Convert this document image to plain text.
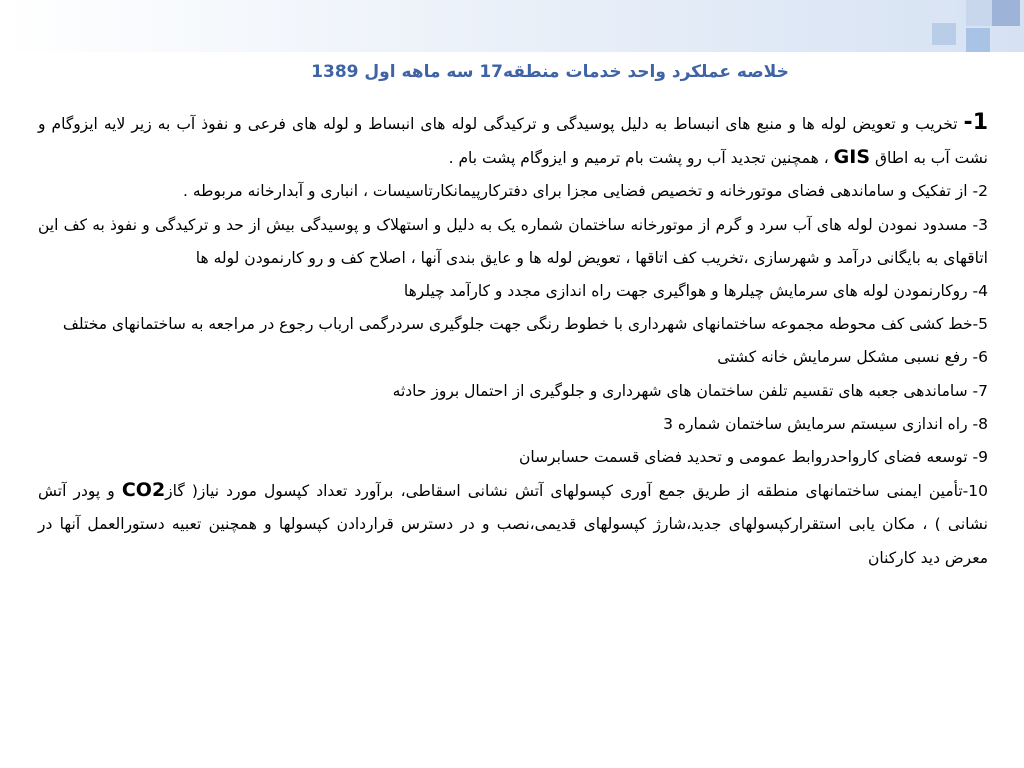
خلاصه عملکرد واحد خدمات منطقه17 سه ماهه اول 1389

1- تخریب و تعویض لوله ها و منبع های انبساط به دلیل پوسیدگی و ترکیدگی لوله های انبساط و لوله های فرعی و نفوذ آب به زیر لایه ایزوگام و نشت آب به اطاق GIS ، همچنین تجدید آب رو پشت بام ترمیم و ایزوگام پشت بام .

2- از تفکیک و ساماندهی فضای موتورخانه و تخصیص فضایی مجزا برای دفترکارپیمانکارتاسیسات ، انباری و آبدارخانه مربوطه .

3- مسدود نمودن لوله های آب سرد و گرم از موتورخانه ساختمان شماره یک به دلیل و استهلاک و پوسیدگی بیش از حد و ترکیدگی و نفوذ به کف این اتاقهای به بایگانی درآمد و شهرسازی ،تخریب کف اتاقها ، تعویض لوله ها و عایق بندی آنها ، اصلاح کف و رو کارنمودن لوله ها

4- روکارنمودن لوله های سرمایش چیلرها و هواگیری جهت راه اندازی مجدد و کارآمد چیلرها

5-خط کشی کف محوطه مجموعه ساختمانهای شهرداری با خطوط رنگی جهت جلوگیری سردرگمی ارباب رجوع در مراجعه به ساختمانهای مختلف

6- رفع نسبی مشکل سرمایش خانه کشتی

7- ساماندهی جعبه های تقسیم تلفن ساختمان های شهرداری و جلوگیری از احتمال بروز حادثه

8- راه اندازی سیستم سرمایش ساختمان شماره 3

9- توسعه فضای کارواحدروابط عمومی و تحدید فضای قسمت حسابرسان

10-تأمین ایمنی ساختمانهای منطقه از طریق جمع آوری کپسولهای آتش نشانی اسقاطی، برآورد تعداد کپسول مورد نیاز( گازCO2 و پودر آتش نشانی ) ، مکان یابی استقرارکپسولهای جدید،شارژ کپسولهای قدیمی،نصب و در دسترس قراردادن کپسولها و همچنین تعبیه دستورالعمل آنها در معرض دید کارکنان
